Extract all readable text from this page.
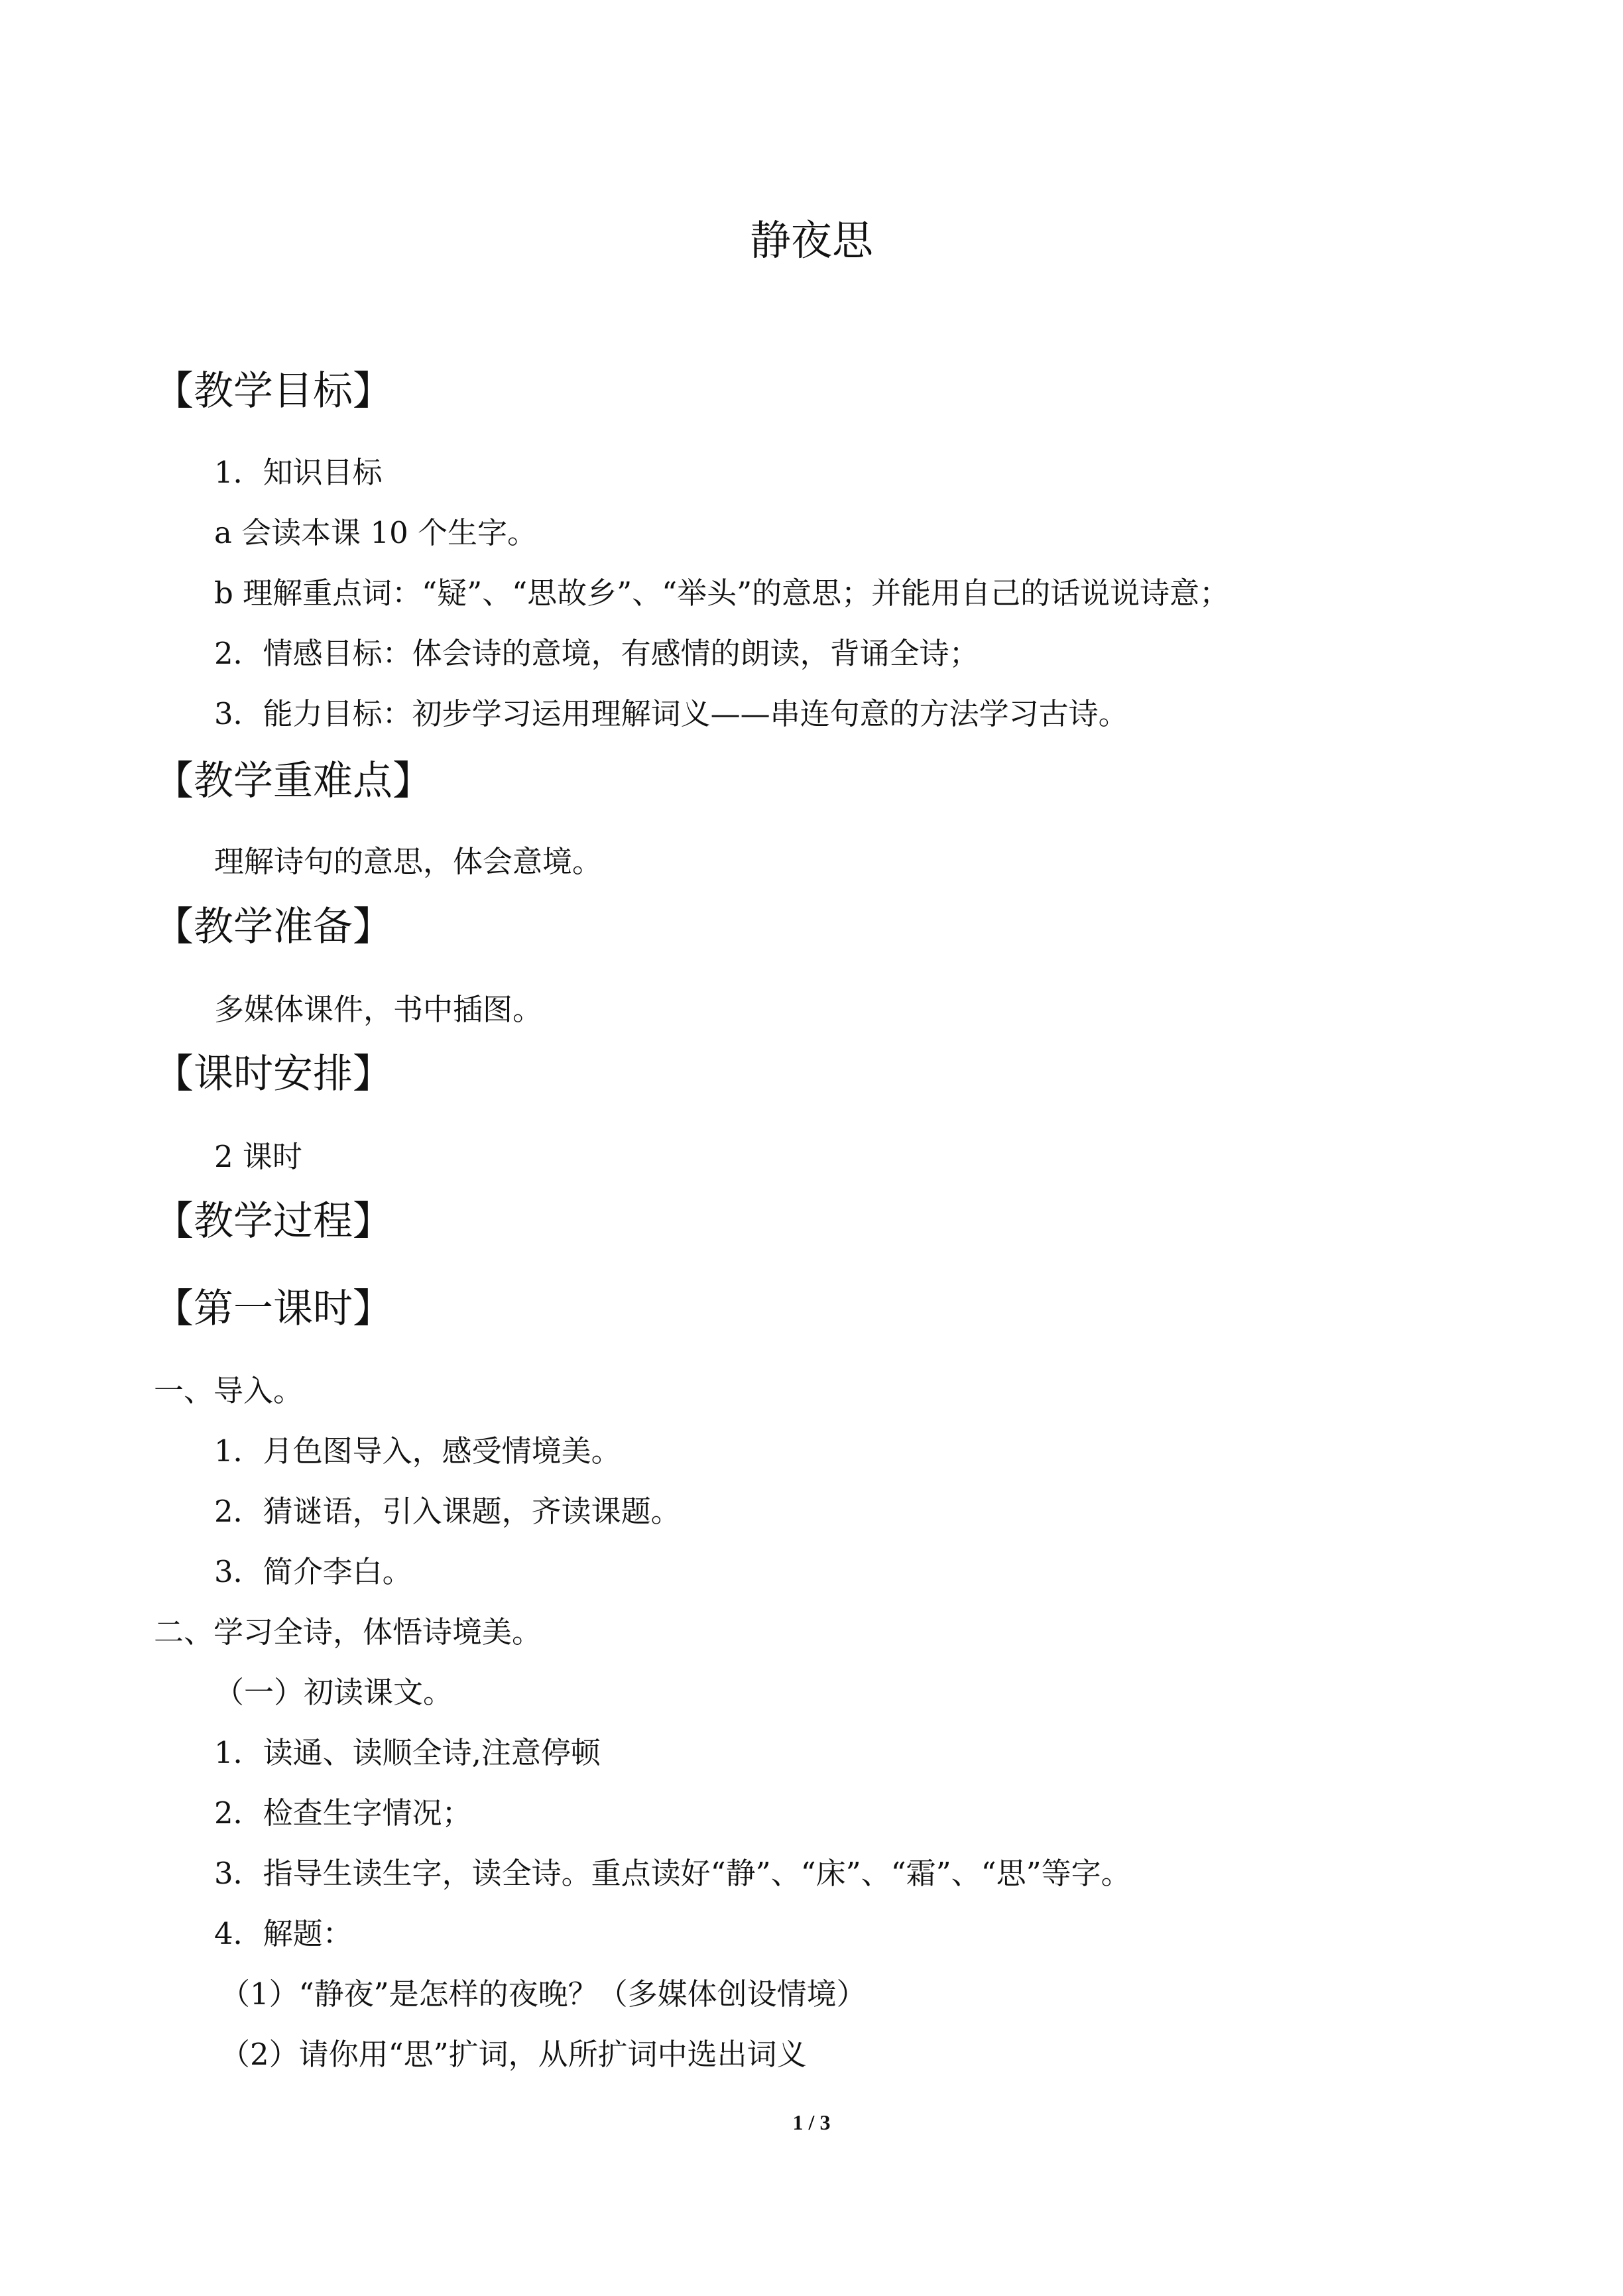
静夜思
【教学目标】
1．知识目标
a 会读本课 10 个生字。
b 理解重点词：“疑”、“思故乡”、“举头”的意思；并能用自己的话说说诗意；
2．情感目标：体会诗的意境，有感情的朗读，背诵全诗；
3．能力目标：初步学习运用理解词义——串连句意的方法学习古诗。
【教学重难点】
理解诗句的意思，体会意境。
【教学准备】
多媒体课件，书中插图。
【课时安排】
2 课时
【教学过程】
【第一课时】
一、导入。
1．月色图导入，感受情境美。
2．猜谜语，引入课题，齐读课题。
3．简介李白。
二、学习全诗，体悟诗境美。
（一）初读课文。
1．读通、读顺全诗,注意停顿
2．检查生字情况；
3．指导生读生字，读全诗。重点读好“静”、“床”、“霜”、“思”等字。
4．解题：
（1）“静夜”是怎样的夜晚？（多媒体创设情境）
（2）请你用“思”扩词，从所扩词中选出词义
1 / 3
